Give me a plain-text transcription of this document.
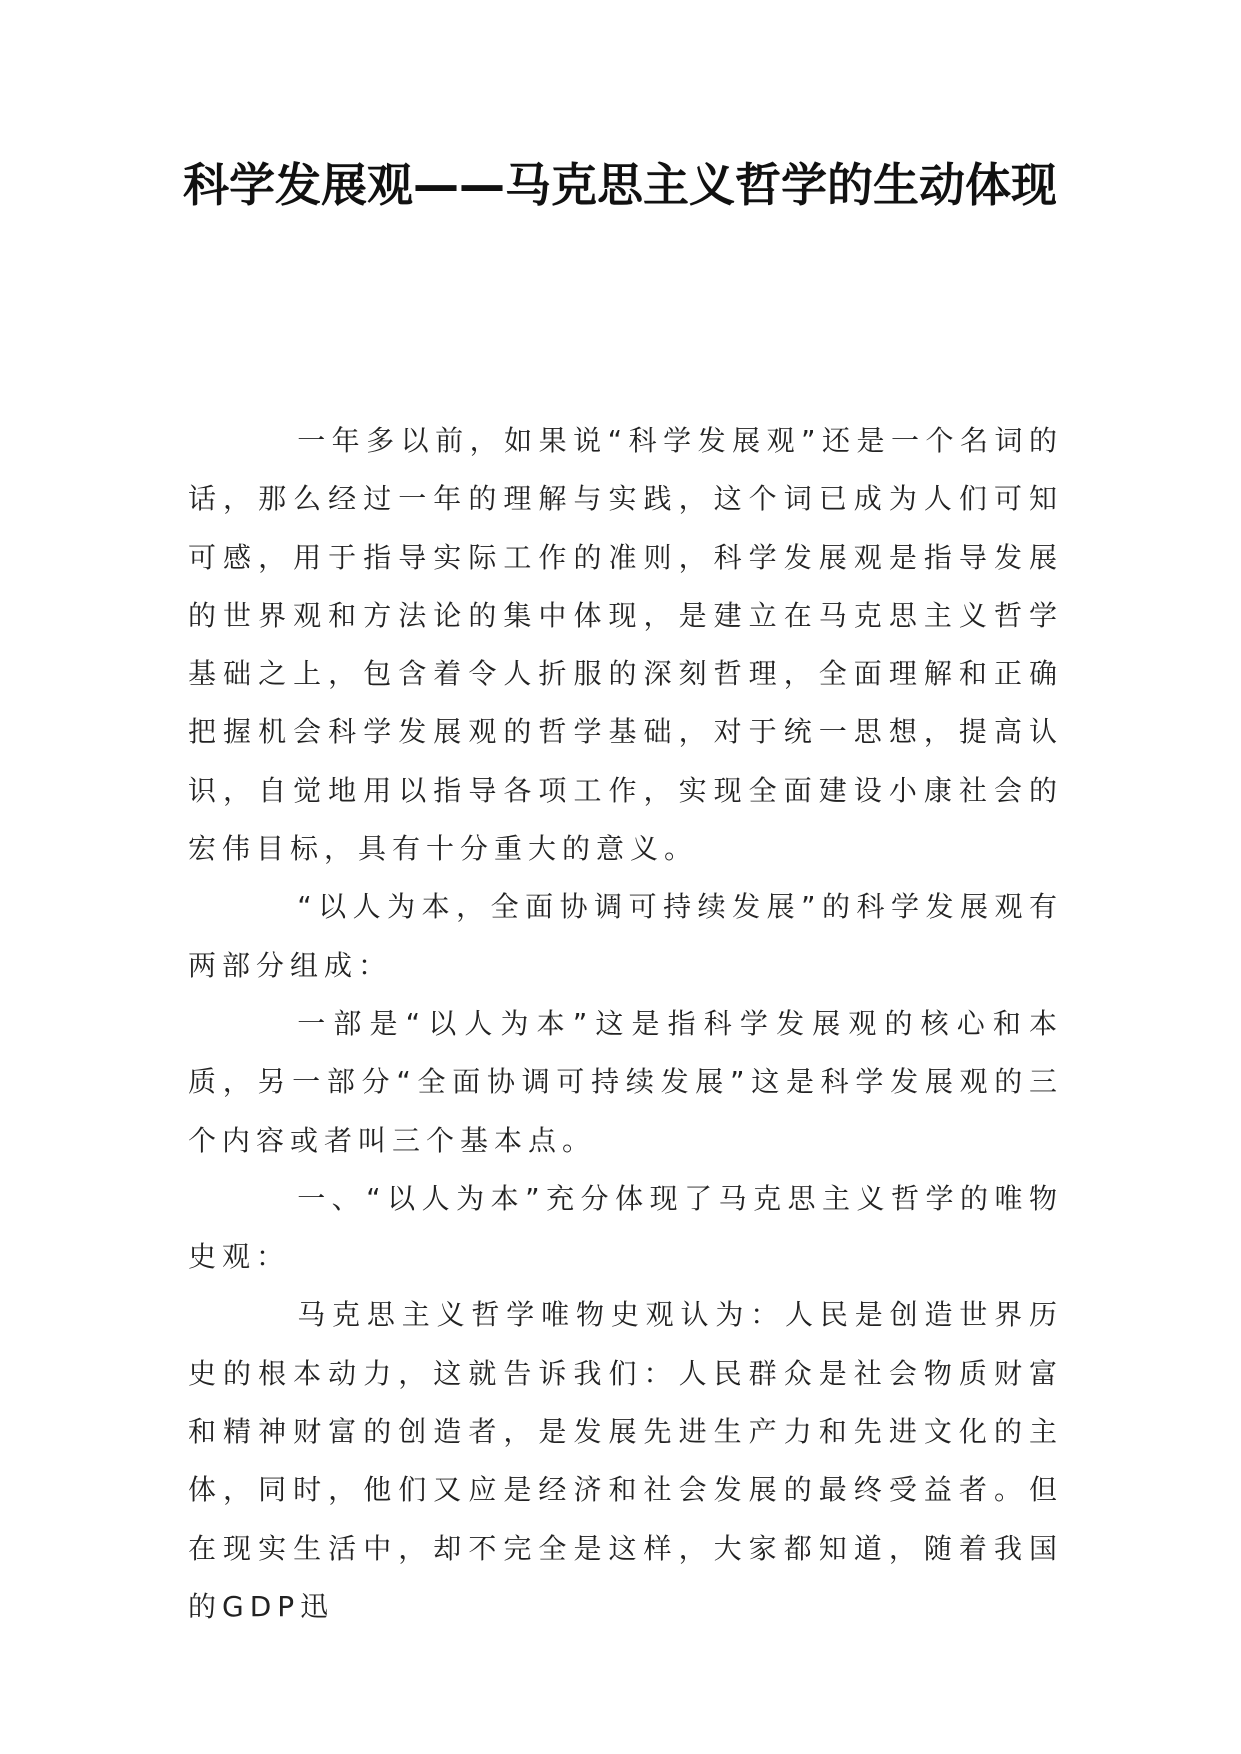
科学发展观——马克思主义哲学的生动体现

一年多以前，如果说“科学发展观”还是一个名词的话，那么经过一年的理解与实践，这个词已成为人们可知可感，用于指导实际工作的准则，科学发展观是指导发展的世界观和方法论的集中体现，是建立在马克思主义哲学基础之上，包含着令人折服的深刻哲理，全面理解和正确把握机会科学发展观的哲学基础，对于统一思想，提高认识，自觉地用以指导各项工作，实现全面建设小康社会的宏伟目标，具有十分重大的意义。

“以人为本，全面协调可持续发展”的科学发展观有两部分组成：

一部是“以人为本”这是指科学发展观的核心和本质，另一部分“全面协调可持续发展”这是科学发展观的三个内容或者叫三个基本点。

一、“以人为本”充分体现了马克思主义哲学的唯物史观：

马克思主义哲学唯物史观认为：人民是创造世界历史的根本动力，这就告诉我们：人民群众是社会物质财富和精神财富的创造者，是发展先进生产力和先进文化的主体，同时，他们又应是经济和社会发展的最终受益者。但在现实生活中，却不完全是这样，大家都知道，随着我国的GDP迅
